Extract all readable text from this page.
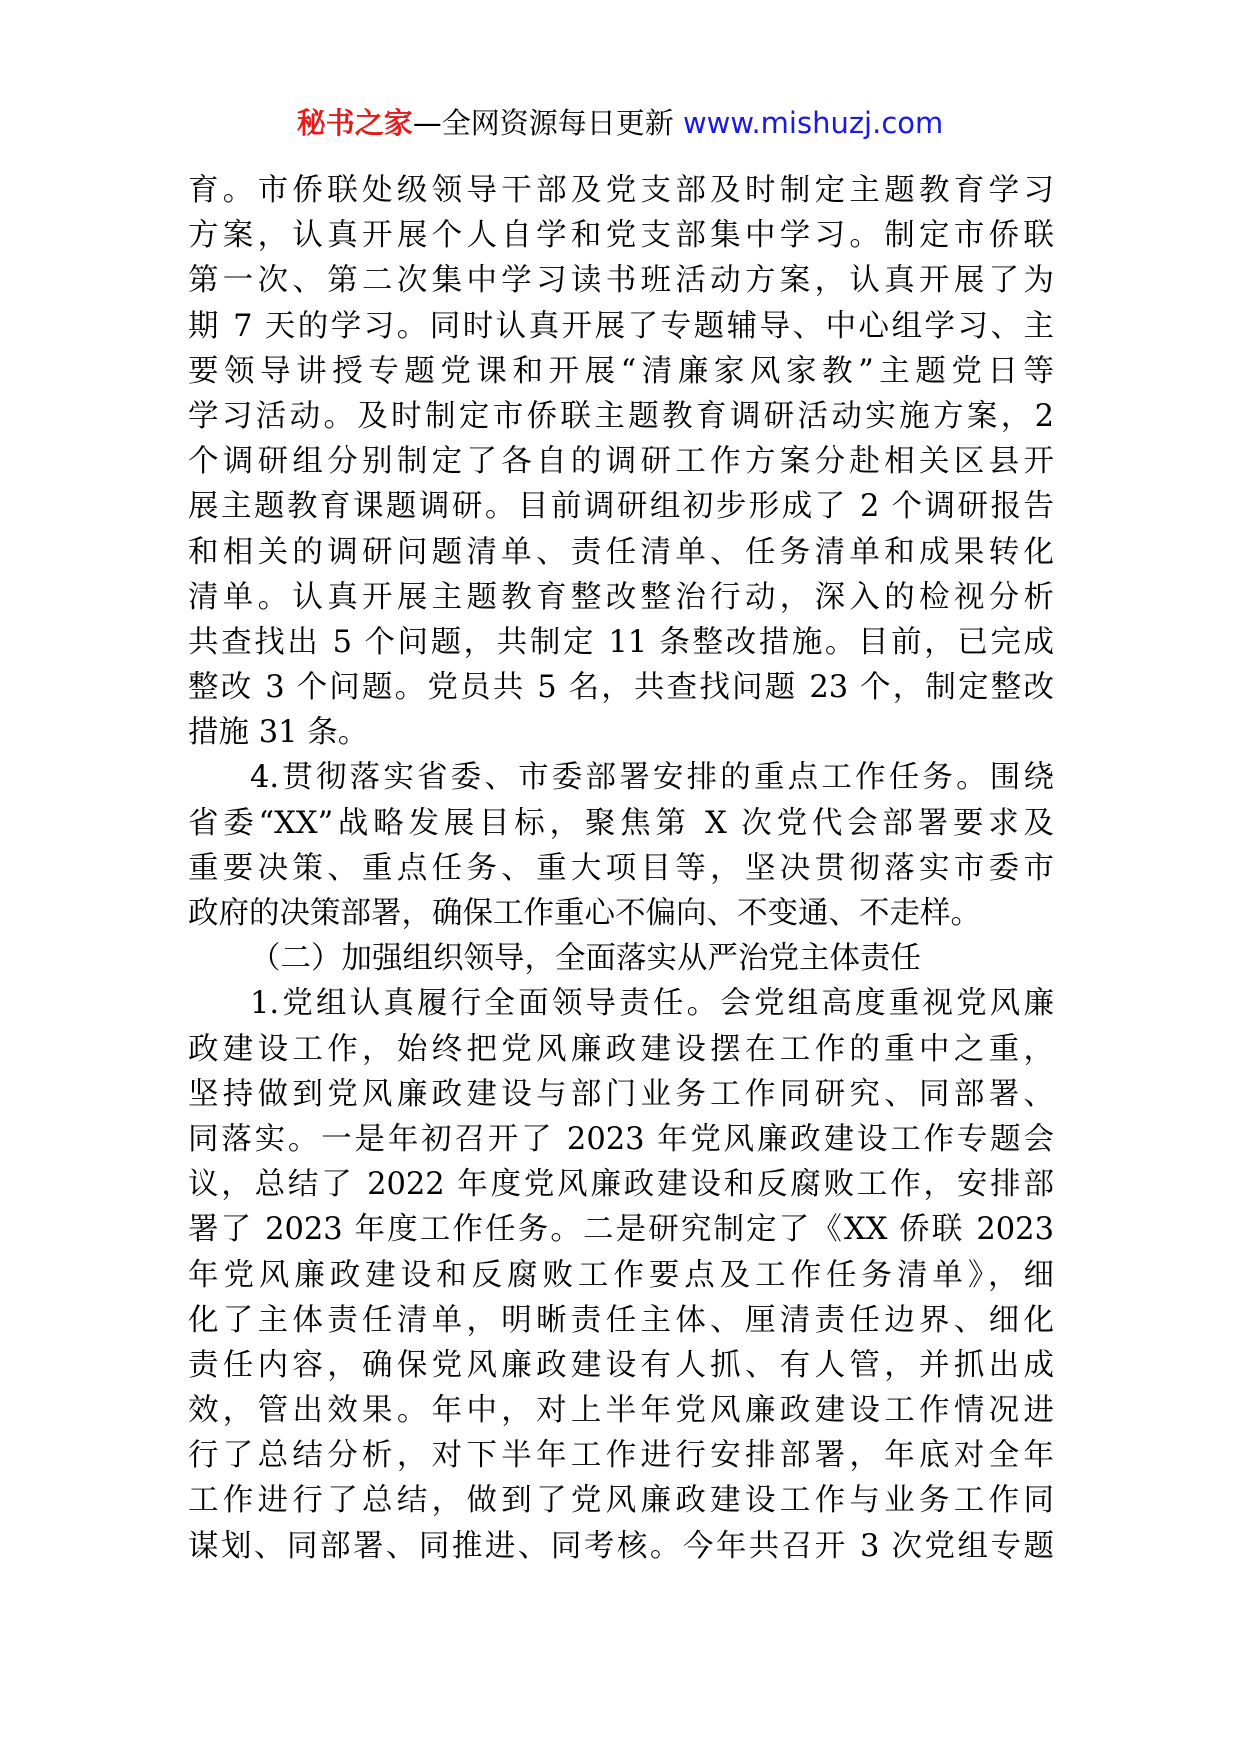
秘书之家—全网资源每日更新 www.mishuzj.com
育。市侨联处级领导干部及党支部及时制定主题教育学习
方案，认真开展个人自学和党支部集中学习。制定市侨联
第一次、第二次集中学习读书班活动方案，认真开展了为
期 7 天的学习。同时认真开展了专题辅导、中心组学习、主
要领导讲授专题党课和开展“清廉家风家教”主题党日等
学习活动。及时制定市侨联主题教育调研活动实施方案，2
个调研组分别制定了各自的调研工作方案分赴相关区县开
展主题教育课题调研。目前调研组初步形成了 2 个调研报告
和相关的调研问题清单、责任清单、任务清单和成果转化
清单。认真开展主题教育整改整治行动，深入的检视分析
共查找出 5 个问题，共制定 11 条整改措施。目前，已完成
整改 3 个问题。党员共 5 名，共查找问题 23 个，制定整改
措施 31 条。
4.贯彻落实省委、市委部署安排的重点工作任务。围绕
省委“XX”战略发展目标，聚焦第 X 次党代会部署要求及
重要决策、重点任务、重大项目等，坚决贯彻落实市委市
政府的决策部署，确保工作重心不偏向、不变通、不走样。
（二）加强组织领导，全面落实从严治党主体责任
1.党组认真履行全面领导责任。会党组高度重视党风廉
政建设工作，始终把党风廉政建设摆在工作的重中之重，
坚持做到党风廉政建设与部门业务工作同研究、同部署、
同落实。一是年初召开了 2023 年党风廉政建设工作专题会
议，总结了 2022 年度党风廉政建设和反腐败工作，安排部
署了 2023 年度工作任务。二是研究制定了《XX 侨联 2023
年党风廉政建设和反腐败工作要点及工作任务清单》，细
化了主体责任清单，明晰责任主体、厘清责任边界、细化
责任内容，确保党风廉政建设有人抓、有人管，并抓出成
效，管出效果。年中，对上半年党风廉政建设工作情况进
行了总结分析，对下半年工作进行安排部署，年底对全年
工作进行了总结，做到了党风廉政建设工作与业务工作同
谋划、同部署、同推进、同考核。今年共召开 3 次党组专题
